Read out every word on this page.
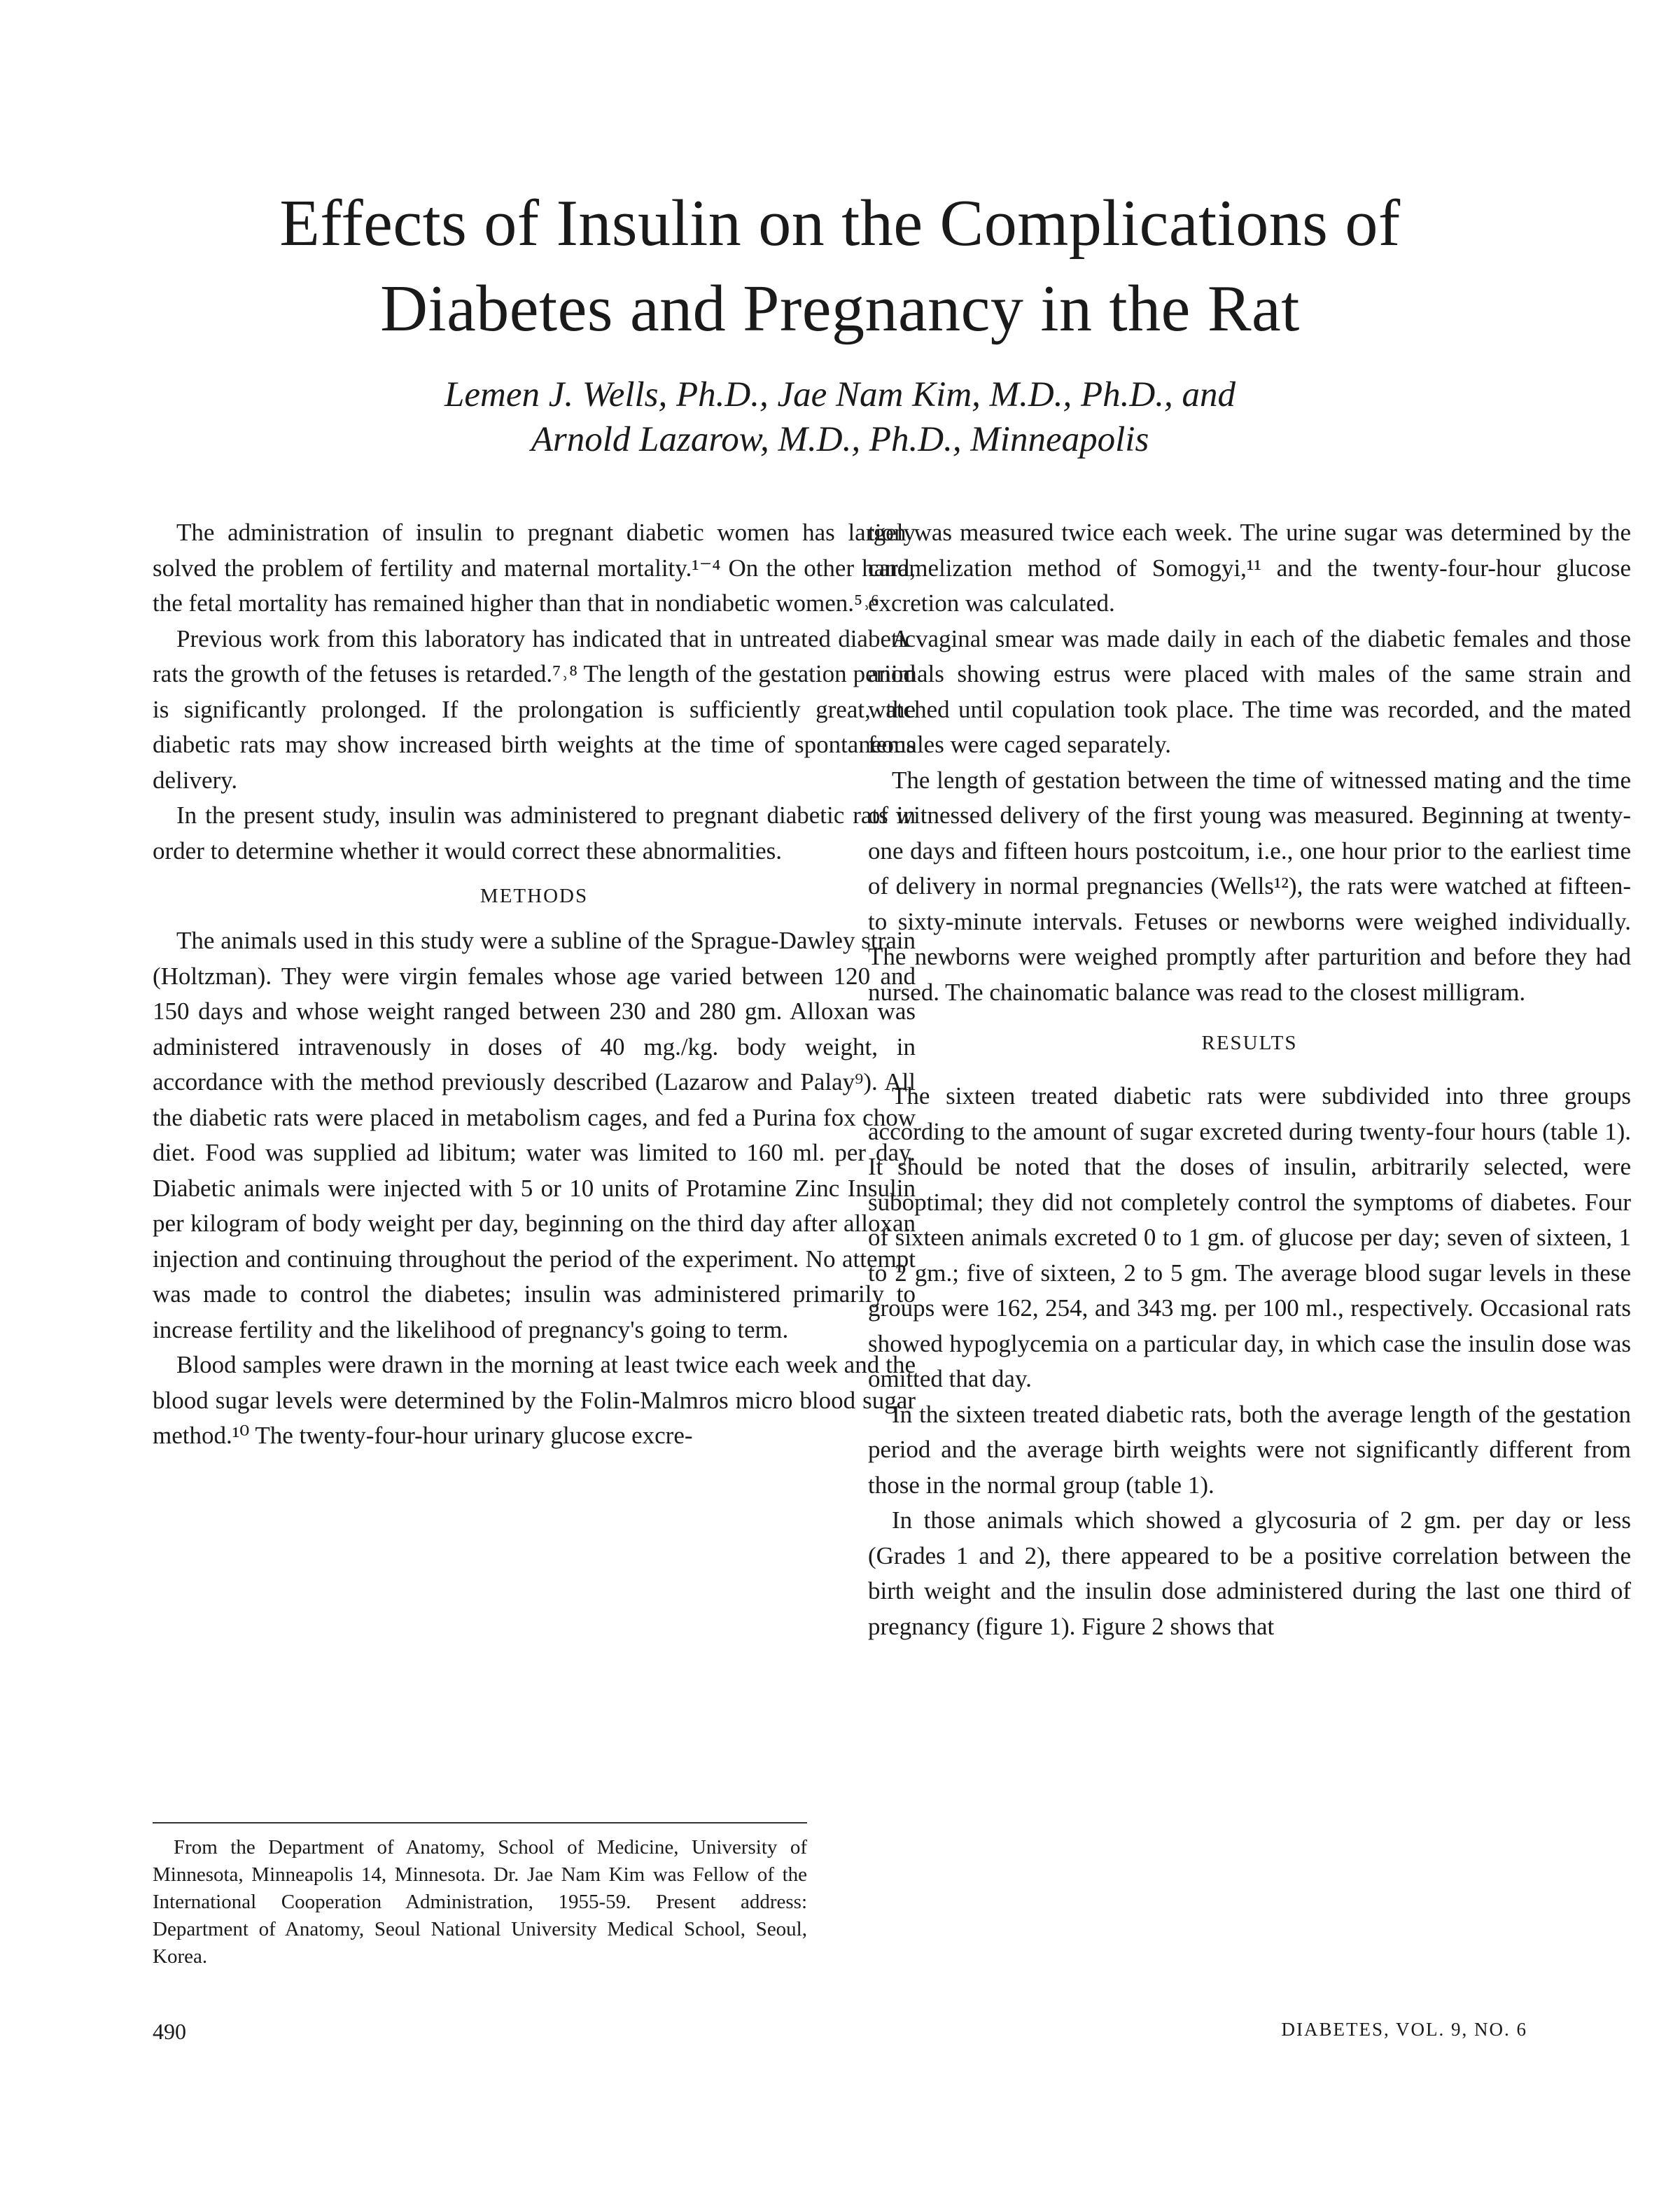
Effects of Insulin on the Complications of
Diabetes and Pregnancy in the Rat
Lemen J. Wells, Ph.D., Jae Nam Kim, M.D., Ph.D., and
Arnold Lazarow, M.D., Ph.D., Minneapolis

The administration of insulin to pregnant diabetic women has largely solved the problem of fertility and maternal mortality.¹⁻⁴ On the other hand, the fetal mortality has remained higher than that in nondiabetic women.⁵˒⁶

Previous work from this laboratory has indicated that in untreated diabetic rats the growth of the fetuses is retarded.⁷˒⁸ The length of the gestation period is significantly prolonged. If the prolongation is sufficiently great, the diabetic rats may show increased birth weights at the time of spontaneous delivery.

In the present study, insulin was administered to pregnant diabetic rats in order to determine whether it would correct these abnormalities.

METHODS

The animals used in this study were a subline of the Sprague-Dawley strain (Holtzman). They were virgin females whose age varied between 120 and 150 days and whose weight ranged between 230 and 280 gm. Alloxan was administered intravenously in doses of 40 mg./kg. body weight, in accordance with the method previously described (Lazarow and Palay⁹). All the diabetic rats were placed in metabolism cages, and fed a Purina fox chow diet. Food was supplied ad libitum; water was limited to 160 ml. per day. Diabetic animals were injected with 5 or 10 units of Protamine Zinc Insulin per kilogram of body weight per day, beginning on the third day after alloxan injection and continuing throughout the period of the experiment. No attempt was made to control the diabetes; insulin was administered primarily to increase fertility and the likelihood of pregnancy's going to term.

Blood samples were drawn in the morning at least twice each week and the blood sugar levels were determined by the Folin-Malmros micro blood sugar method.¹⁰ The twenty-four-hour urinary glucose excre-

tion was measured twice each week. The urine sugar was determined by the caramelization method of Somogyi,¹¹ and the twenty-four-hour glucose excretion was calculated.

A vaginal smear was made daily in each of the diabetic females and those animals showing estrus were placed with males of the same strain and watched until copulation took place. The time was recorded, and the mated females were caged separately.

The length of gestation between the time of witnessed mating and the time of witnessed delivery of the first young was measured. Beginning at twenty-one days and fifteen hours postcoitum, i.e., one hour prior to the earliest time of delivery in normal pregnancies (Wells¹²), the rats were watched at fifteen- to sixty-minute intervals. Fetuses or newborns were weighed individually. The newborns were weighed promptly after parturition and before they had nursed. The chainomatic balance was read to the closest milligram.

RESULTS

The sixteen treated diabetic rats were subdivided into three groups according to the amount of sugar excreted during twenty-four hours (table 1). It should be noted that the doses of insulin, arbitrarily selected, were suboptimal; they did not completely control the symptoms of diabetes. Four of sixteen animals excreted 0 to 1 gm. of glucose per day; seven of sixteen, 1 to 2 gm.; five of sixteen, 2 to 5 gm. The average blood sugar levels in these groups were 162, 254, and 343 mg. per 100 ml., respectively. Occasional rats showed hypoglycemia on a particular day, in which case the insulin dose was omitted that day.

In the sixteen treated diabetic rats, both the average length of the gestation period and the average birth weights were not significantly different from those in the normal group (table 1).

In those animals which showed a glycosuria of 2 gm. per day or less (Grades 1 and 2), there appeared to be a positive correlation between the birth weight and the insulin dose administered during the last one third of pregnancy (figure 1). Figure 2 shows that

From the Department of Anatomy, School of Medicine, University of Minnesota, Minneapolis 14, Minnesota. Dr. Jae Nam Kim was Fellow of the International Cooperation Administration, 1955-59. Present address: Department of Anatomy, Seoul National University Medical School, Seoul, Korea.

490	DIABETES, VOL. 9, NO. 6
